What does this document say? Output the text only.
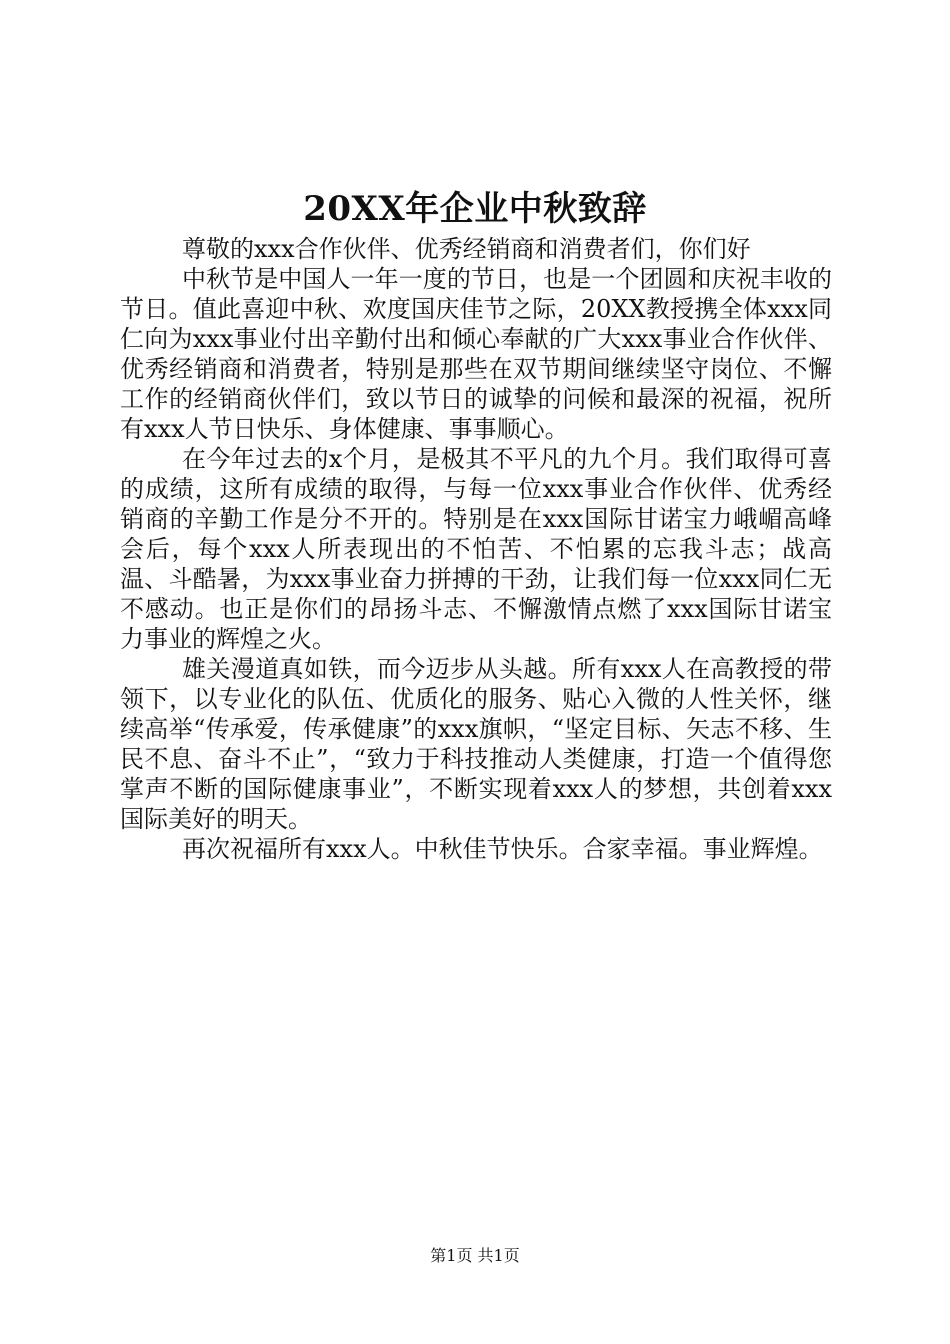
20XX年企业中秋致辞

尊敬的xxx合作伙伴、优秀经销商和消费者们，你们好

中秋节是中国人一年一度的节日，也是一个团圆和庆祝丰收的节日。值此喜迎中秋、欢度国庆佳节之际，20XX教授携全体xxx同仁向为xxx事业付出辛勤付出和倾心奉献的广大xxx事业合作伙伴、优秀经销商和消费者，特别是那些在双节期间继续坚守岗位、不懈工作的经销商伙伴们，致以节日的诚挚的问候和最深的祝福，祝所有xxx人节日快乐、身体健康、事事顺心。

在今年过去的x个月，是极其不平凡的九个月。我们取得可喜的成绩，这所有成绩的取得，与每一位xxx事业合作伙伴、优秀经销商的辛勤工作是分不开的。特别是在xxx国际甘诺宝力峨嵋高峰会后，每个xxx人所表现出的不怕苦、不怕累的忘我斗志；战高温、斗酷暑，为xxx事业奋力拼搏的干劲，让我们每一位xxx同仁无不感动。也正是你们的昂扬斗志、不懈激情点燃了xxx国际甘诺宝力事业的辉煌之火。

雄关漫道真如铁，而今迈步从头越。所有xxx人在高教授的带领下，以专业化的队伍、优质化的服务、贴心入微的人性关怀，继续高举“传承爱，传承健康”的xxx旗帜，“坚定目标、矢志不移、生民不息、奋斗不止”，“致力于科技推动人类健康，打造一个值得您掌声不断的国际健康事业”，不断实现着xxx人的梦想，共创着xxx国际美好的明天。

再次祝福所有xxx人。中秋佳节快乐。合家幸福。事业辉煌。

第1页 共1页
